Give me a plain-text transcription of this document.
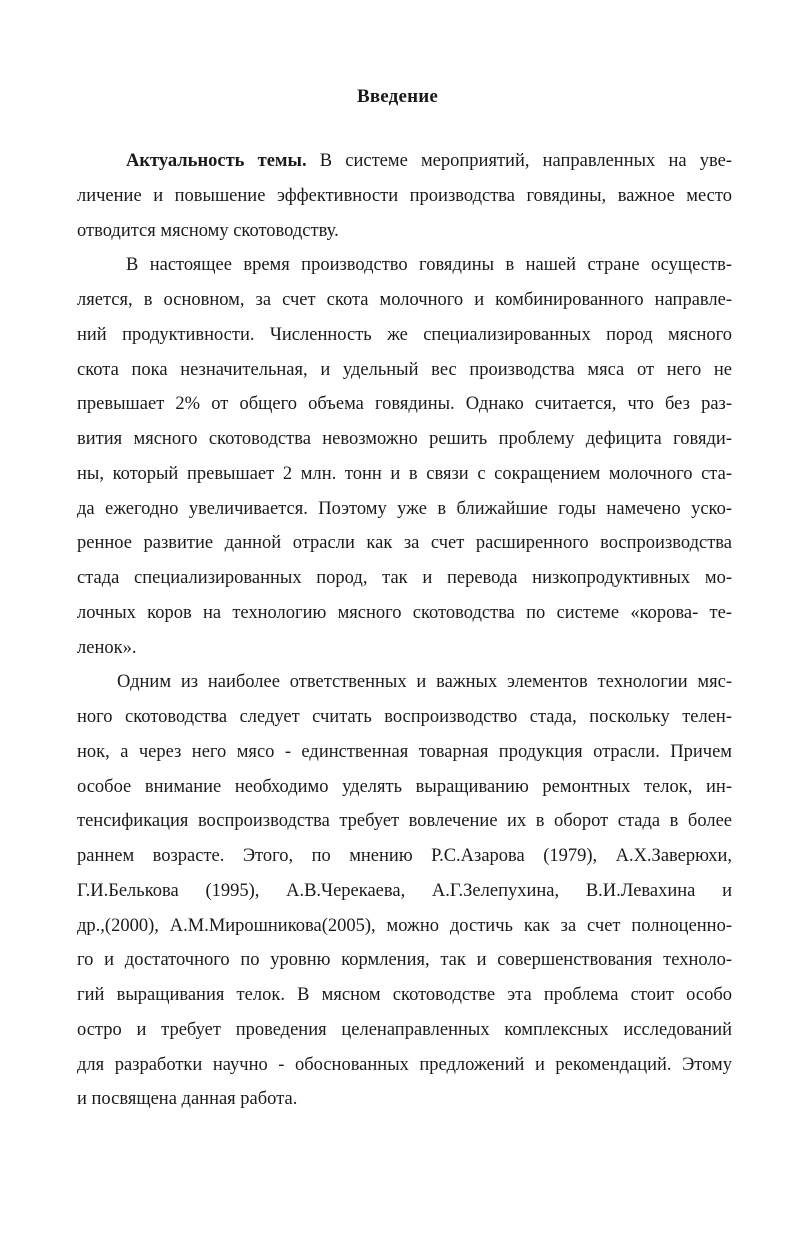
Введение
Актуальность темы. В системе мероприятий, направленных на уве-
личение и повышение эффективности производства говядины, важное место
отводится мясному скотоводству.
В настоящее время производство говядины в нашей стране осуществ-
ляется, в основном, за счет скота молочного и комбинированного направле-
ний продуктивности. Численность же специализированных пород мясного
скота пока незначительная, и удельный вес производства мяса от него не
превышает 2% от общего объема говядины. Однако считается, что без раз-
вития мясного скотоводства невозможно решить проблему дефицита говяди-
ны, который превышает 2 млн. тонн и в связи с сокращением молочного ста-
да ежегодно увеличивается. Поэтому уже в ближайшие годы намечено уско-
ренное развитие данной отрасли как за счет расширенного воспроизводства
стада специализированных пород, так и перевода низкопродуктивных мо-
лочных коров на технологию мясного скотоводства по системе «корова- те-
ленок».
Одним из наиболее ответственных и важных элементов технологии мяс-
ного скотоводства следует считать воспроизводство стада, поскольку телен-
нок, а через него мясо - единственная товарная продукция отрасли. Причем
особое внимание необходимо уделять выращиванию ремонтных телок, ин-
тенсификация воспроизводства требует вовлечение их в оборот стада в более
раннем возрасте. Этого, по мнению Р.С.Азарова (1979), А.Х.Заверюхи,
Г.И.Белькова (1995), А.В.Черекаева, А.Г.Зелепухина, В.И.Левахина и
др.,(2000), А.М.Мирошникова(2005), можно достичь как за счет полноценно-
го и достаточного по уровню кормления, так и совершенствования техноло-
гий выращивания телок. В мясном скотоводстве эта проблема стоит особо
остро и требует проведения целенаправленных комплексных исследований
для разработки научно - обоснованных предложений и рекомендаций. Этому
и посвящена данная работа.
